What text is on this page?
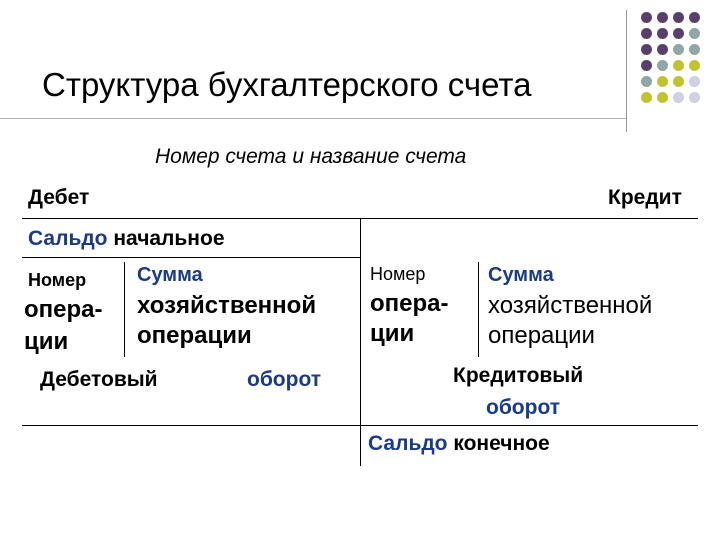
Структура бухгалтерского счета
Номер счета и название счета
Дебет	Кредит
Сальдо начальное
Номер
опера-
ции
Сумма
хозяйственной
операции
Дебетовый	оборот
Номер
опера-
ции
Сумма
хозяйственной
операции
Кредитовый
оборот
Сальдо конечное
